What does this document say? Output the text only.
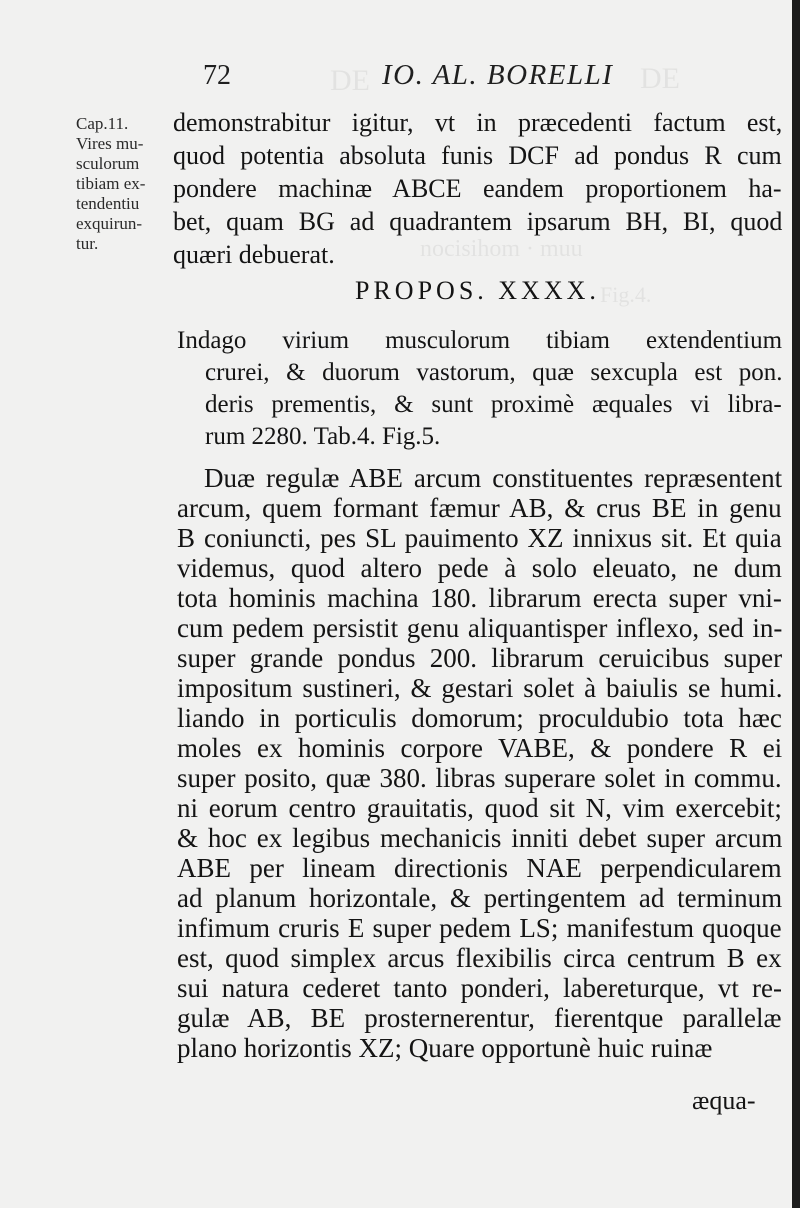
DE	DE
nocisihom · muu
Fig.4.
72	IO. AL. BORELLI
Cap.11.
Vires mu-
sculorum
tibiam ex-
tendentiu
exquirun-
tur.
demonstrabitur igitur, vt in præcedenti factum est,
quod potentia absoluta funis DCF ad pondus R cum
pondere machinæ ABCE eandem proportionem ha-
bet, quam BG ad quadrantem ipsarum BH, BI, quod
quæri debuerat.
PROPOS. XXXX.
Indago virium musculorum tibiam extendentium
crurei, & duorum vastorum, quæ sexcupla est pon.
deris prementis, & sunt proximè æquales vi libra-
rum 2280. Tab.4. Fig.5.
Duæ regulæ ABE arcum constituentes repræsentent
arcum, quem formant fæmur AB, & crus BE in genu
B coniuncti, pes SL pauimento XZ innixus sit. Et quia
videmus, quod altero pede à solo eleuato, ne dum
tota hominis machina 180. librarum erecta super vni-
cum pedem persistit genu aliquantisper inflexo, sed in-
super grande pondus 200. librarum ceruicibus super
impositum sustineri, & gestari solet à baiulis se humi.
liando in porticulis domorum; proculdubio tota hæc
moles ex hominis corpore VABE, & pondere R ei
super posito, quæ 380. libras superare solet in commu.
ni eorum centro grauitatis, quod sit N, vim exercebit;
& hoc ex legibus mechanicis inniti debet super arcum
ABE per lineam directionis NAE perpendicularem
ad planum horizontale, & pertingentem ad terminum
infimum cruris E super pedem LS; manifestum quoque
est, quod simplex arcus flexibilis circa centrum B ex
sui natura cederet tanto ponderi, labereturque, vt re-
gulæ AB, BE prosternerentur, fierentque parallelæ
plano horizontis XZ; Quare opportunè huic ruinæ
æqua-
